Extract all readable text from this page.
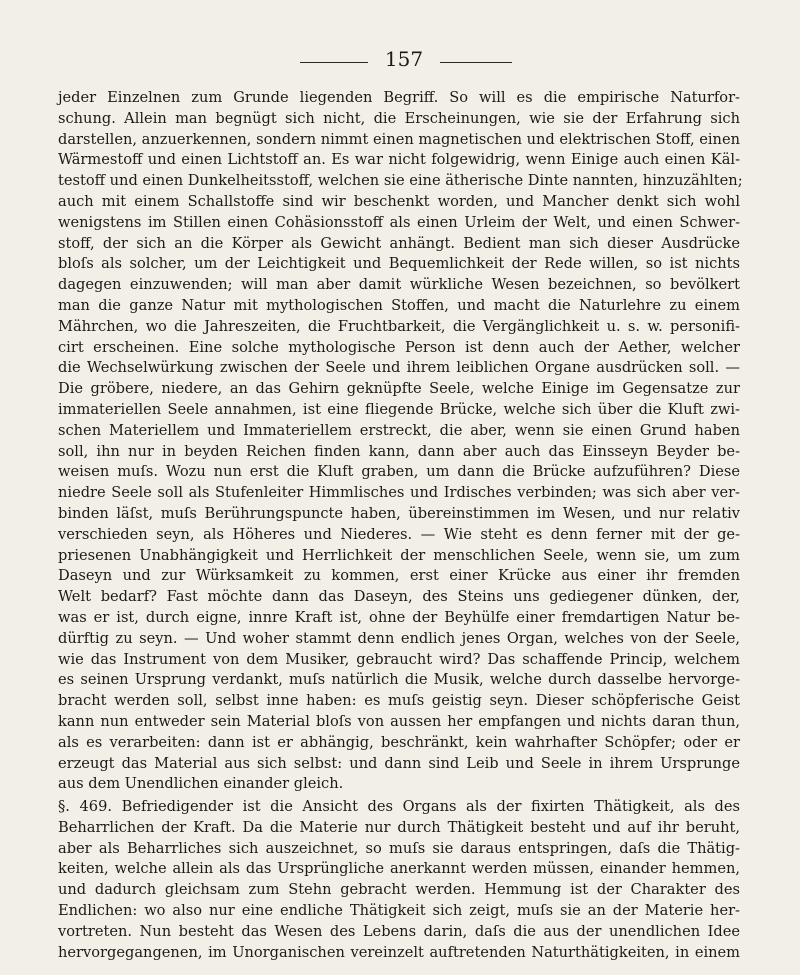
157
jeder Einzelnen zum Grunde liegenden Begriff. So will es die empirische Naturfor-
schung. Allein man begnügt sich nicht, die Erscheinungen, wie sie der Erfahrung sich
darstellen, anzuerkennen, sondern nimmt einen magnetischen und elektrischen Stoff, einen
Wärmestoff und einen Lichtstoff an. Es war nicht folgewidrig, wenn Einige auch einen Käl-
testoff und einen Dunkelheitsstoff, welchen sie eine ätherische Dinte nannten, hinzuzählten;
auch mit einem Schallstoffe sind wir beschenkt worden, und Mancher denkt sich wohl
wenigstens im Stillen einen Cohäsionsstoff als einen Urleim der Welt, und einen Schwer-
stoff, der sich an die Körper als Gewicht anhängt. Bedient man sich dieser Ausdrücke
bloſs als solcher, um der Leichtigkeit und Bequemlichkeit der Rede willen, so ist nichts
dagegen einzuwenden; will man aber damit würkliche Wesen bezeichnen, so bevölkert
man die ganze Natur mit mythologischen Stoffen, und macht die Naturlehre zu einem
Mährchen, wo die Jahreszeiten, die Fruchtbarkeit, die Vergänglichkeit u. s. w. personifi-
cirt erscheinen. Eine solche mythologische Person ist denn auch der Aether, welcher
die Wechselwürkung zwischen der Seele und ihrem leiblichen Organe ausdrücken soll. —
Die gröbere, niedere, an das Gehirn geknüpfte Seele, welche Einige im Gegensatze zur
immateriellen Seele annahmen, ist eine fliegende Brücke, welche sich über die Kluft zwi-
schen Materiellem und Immateriellem erstreckt, die aber, wenn sie einen Grund haben
soll, ihn nur in beyden Reichen finden kann, dann aber auch das Einsseyn Beyder be-
weisen muſs. Wozu nun erst die Kluft graben, um dann die Brücke aufzuführen? Diese
niedre Seele soll als Stufenleiter Himmlisches und Irdisches verbinden; was sich aber ver-
binden läſst, muſs Berührungspuncte haben, übereinstimmen im Wesen, und nur relativ
verschieden seyn, als Höheres und Niederes. — Wie steht es denn ferner mit der ge-
priesenen Unabhängigkeit und Herrlichkeit der menschlichen Seele, wenn sie, um zum
Daseyn und zur Würksamkeit zu kommen, erst einer Krücke aus einer ihr fremden
Welt bedarf? Fast möchte dann das Daseyn, des Steins uns gediegener dünken, der,
was er ist, durch eigne, innre Kraft ist, ohne der Beyhülfe einer fremdartigen Natur be-
dürftig zu seyn. — Und woher stammt denn endlich jenes Organ, welches von der Seele,
wie das Instrument von dem Musiker, gebraucht wird? Das schaffende Princip, welchem
es seinen Ursprung verdankt, muſs natürlich die Musik, welche durch dasselbe hervorge-
bracht werden soll, selbst inne haben: es muſs geistig seyn. Dieser schöpferische Geist
kann nun entweder sein Material bloſs von aussen her empfangen und nichts daran thun,
als es verarbeiten: dann ist er abhängig, beschränkt, kein wahrhafter Schöpfer; oder er
erzeugt das Material aus sich selbst: und dann sind Leib und Seele in ihrem Ursprunge
aus dem Unendlichen einander gleich.
§. 469. Befriedigender ist die Ansicht des Organs als der fixirten Thätigkeit, als des
Beharrlichen der Kraft. Da die Materie nur durch Thätigkeit besteht und auf ihr beruht,
aber als Beharrliches sich auszeichnet, so muſs sie daraus entspringen, daſs die Thätig-
keiten, welche allein als das Ursprüngliche anerkannt werden müssen, einander hemmen,
und dadurch gleichsam zum Stehn gebracht werden. Hemmung ist der Charakter des
Endlichen: wo also nur eine endliche Thätigkeit sich zeigt, muſs sie an der Materie her-
vortreten. Nun besteht das Wesen des Lebens darin, daſs die aus der unendlichen Idee
hervorgegangenen, im Unorganischen vereinzelt auftretenden Naturthätigkeiten, in einem
